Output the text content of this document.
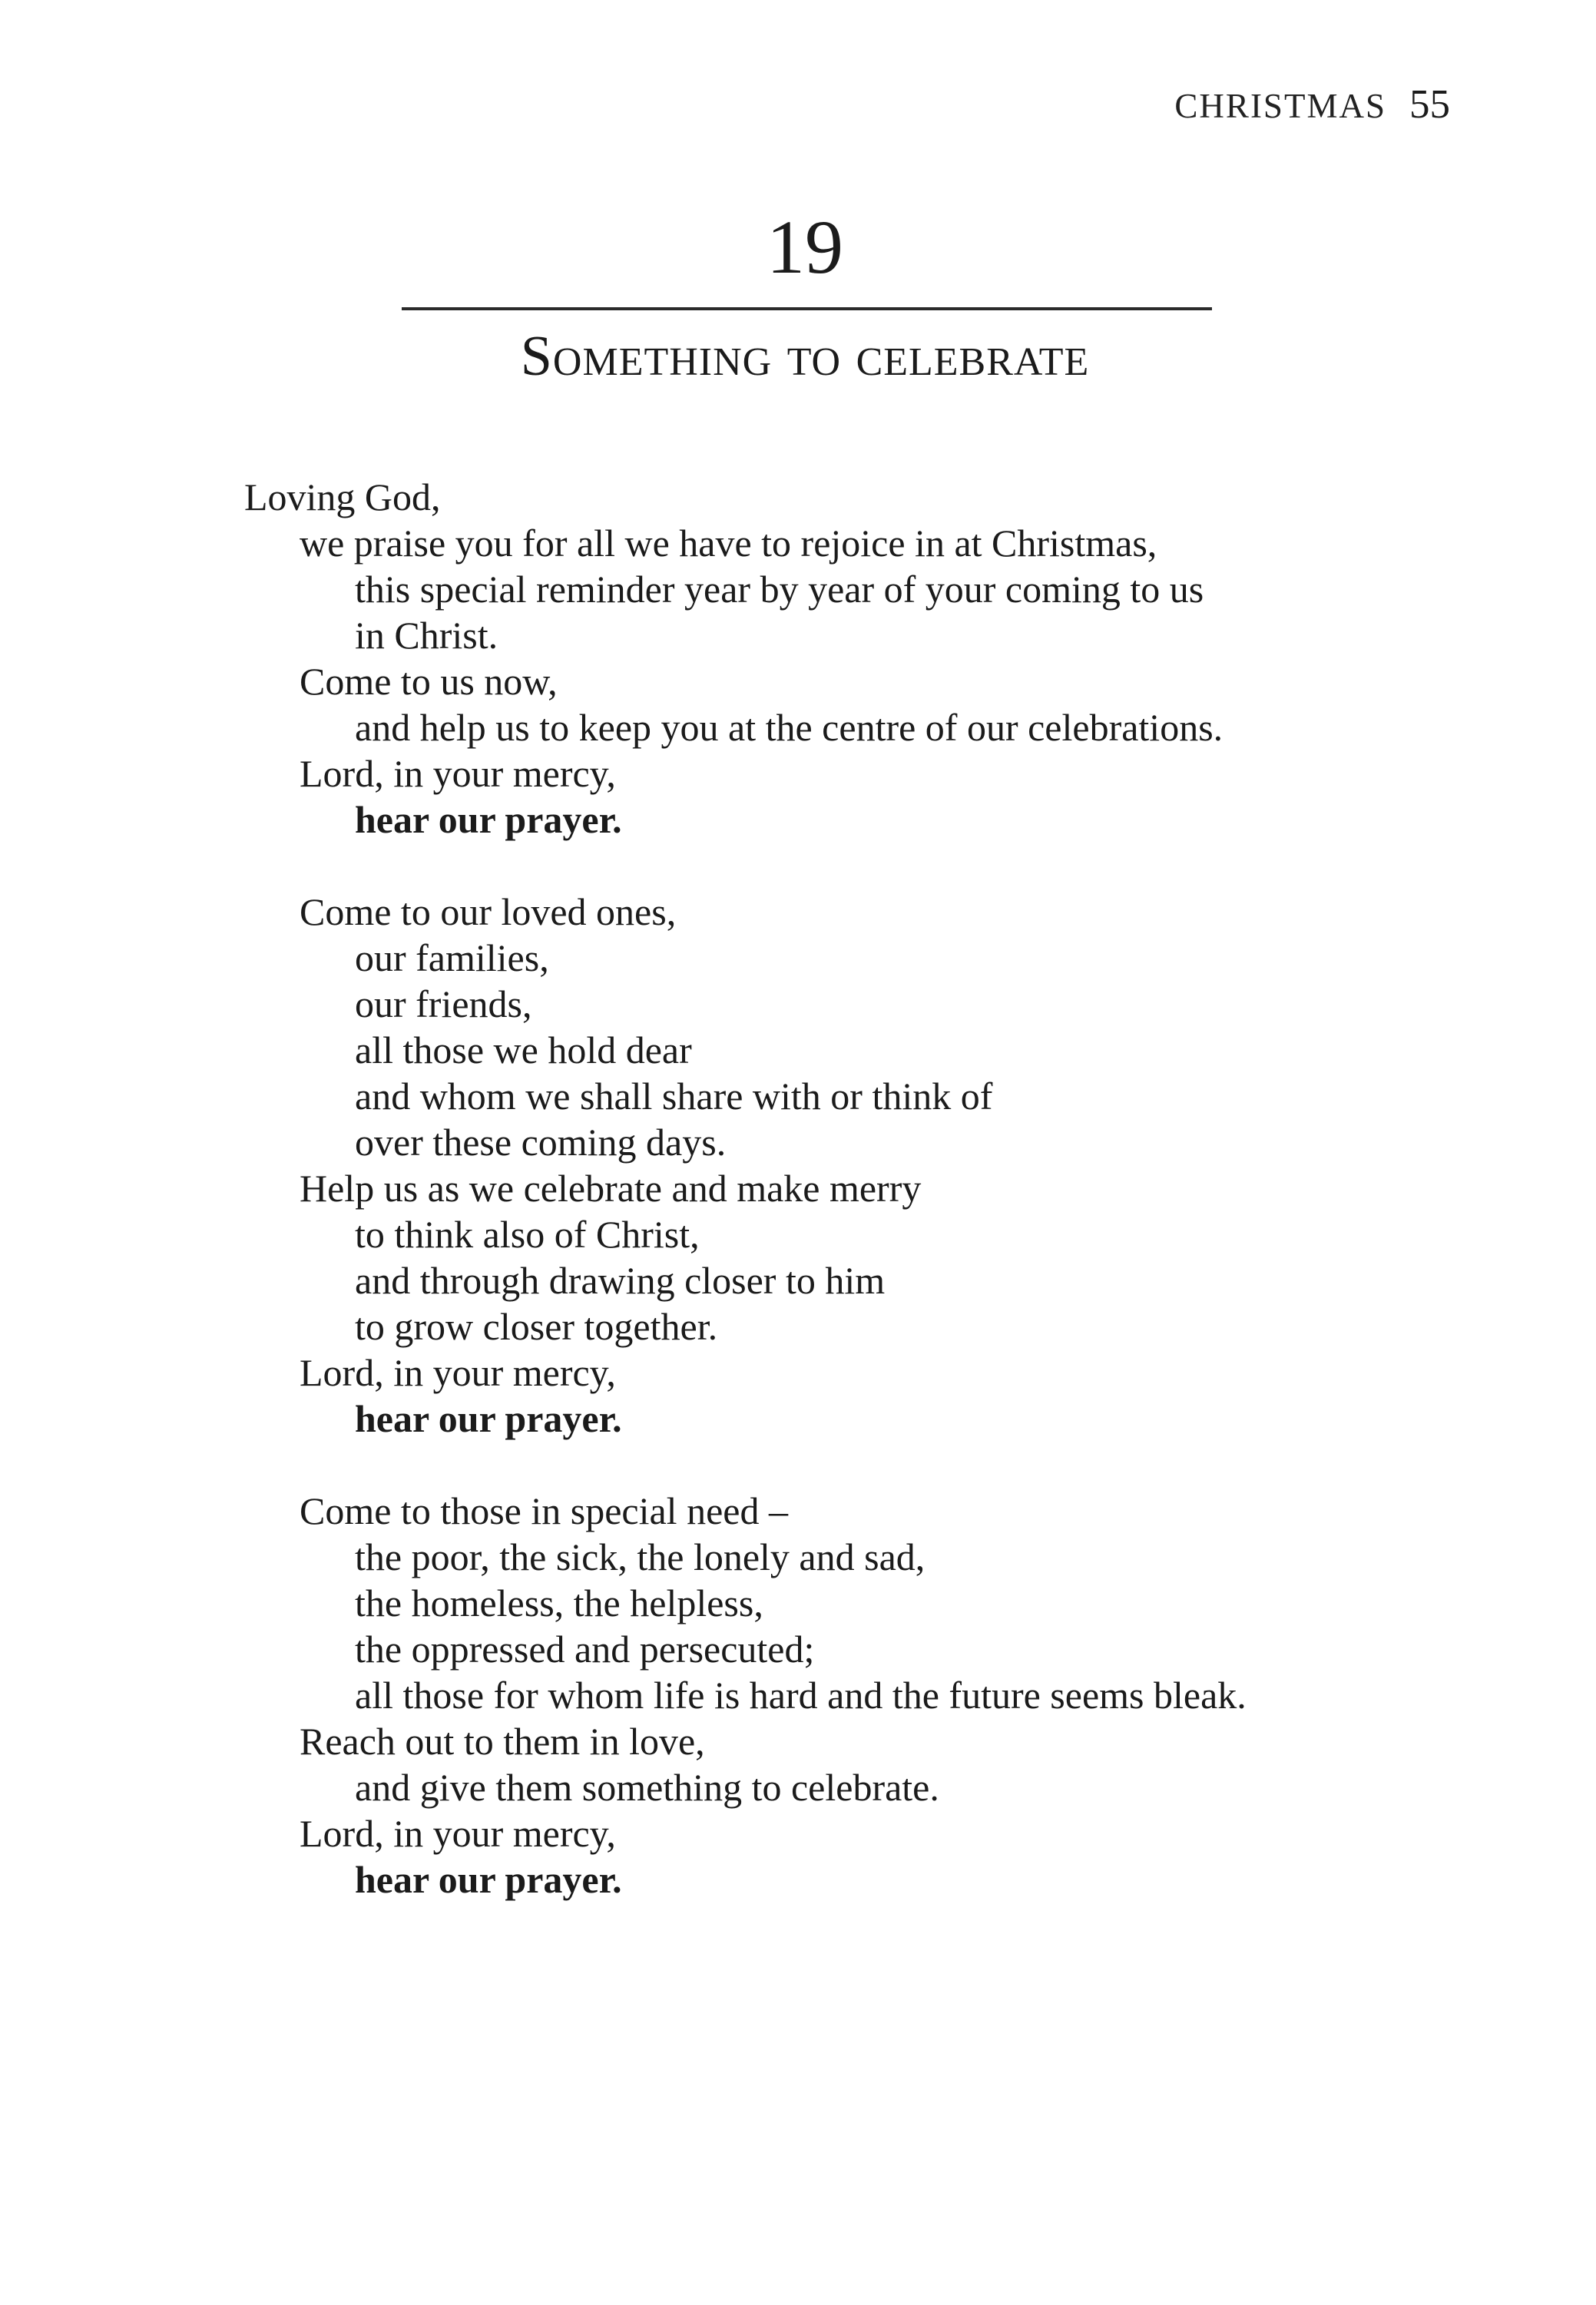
CHRISTMAS 55
19
Something to celebrate
Loving God,
we praise you for all we have to rejoice in at Christmas,
this special reminder year by year of your coming to us
in Christ.
Come to us now,
and help us to keep you at the centre of our celebrations.
Lord, in your mercy,
hear our prayer.
Come to our loved ones,
our families,
our friends,
all those we hold dear
and whom we shall share with or think of
over these coming days.
Help us as we celebrate and make merry
to think also of Christ,
and through drawing closer to him
to grow closer together.
Lord, in your mercy,
hear our prayer.
Come to those in special need –
the poor, the sick, the lonely and sad,
the homeless, the helpless,
the oppressed and persecuted;
all those for whom life is hard and the future seems bleak.
Reach out to them in love,
and give them something to celebrate.
Lord, in your mercy,
hear our prayer.
